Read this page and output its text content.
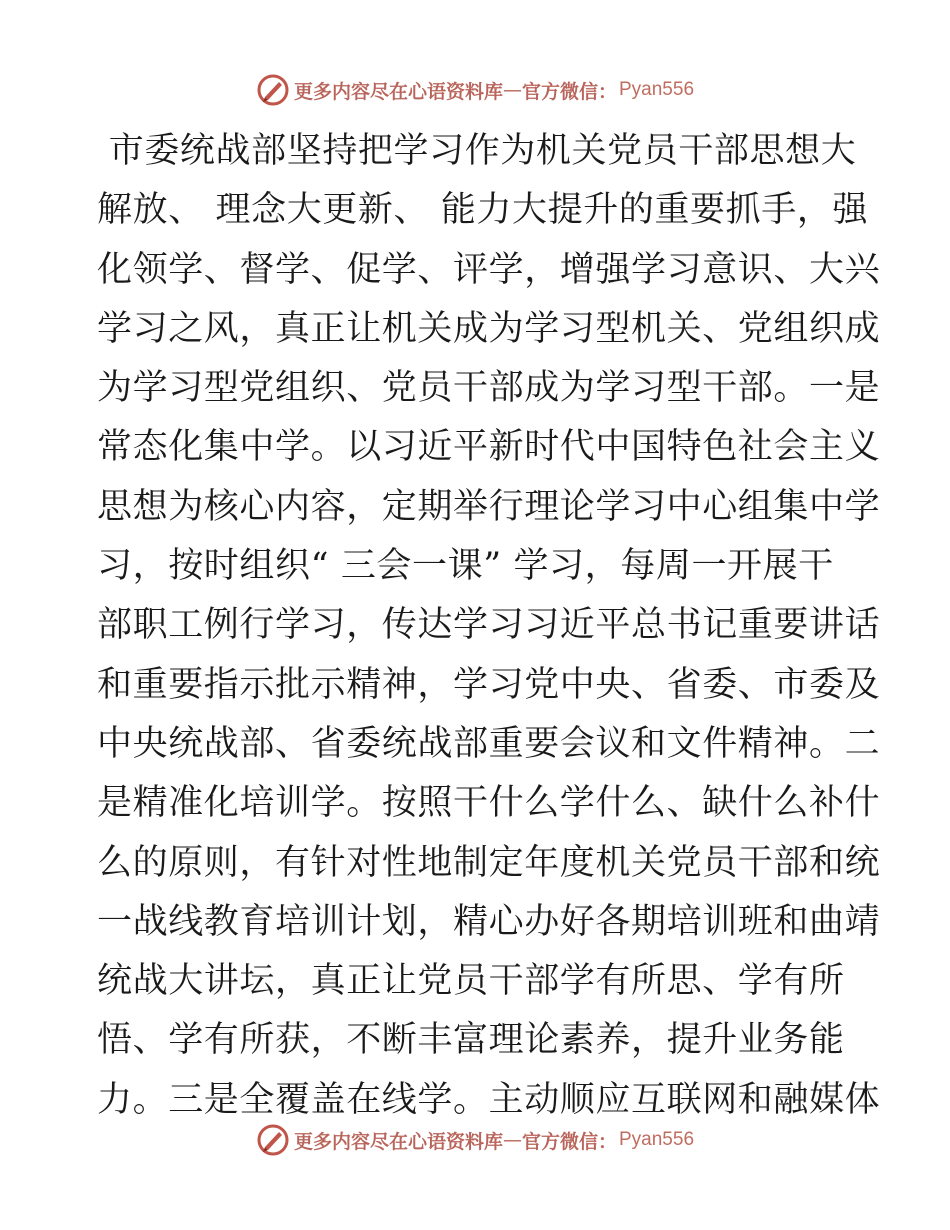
更多内容尽在心语资料库 — 官方微信： Pyan556
市委统战部坚持把学习作为机关党员干部思想大
解放、 理念大更新、 能力大提升的重要抓手，强
化领学、督学、促学、评学，增强学习意识、大兴
学习之风，真正让机关成为学习型机关、党组织成
为学习型党组织、党员干部成为学习型干部。一是
常态化集中学。以习近平新时代中国特色社会主义
思想为核心内容，定期举行理论学习中心组集中学
习，按时组织“ 三会一课” 学习，每周一开展干
部职工例行学习，传达学习习近平总书记重要讲话
和重要指示批示精神，学习党中央、省委、市委及
中央统战部、省委统战部重要会议和文件精神。二
是精准化培训学。按照干什么学什么、缺什么补什
么的原则，有针对性地制定年度机关党员干部和统
一战线教育培训计划，精心办好各期培训班和曲靖
统战大讲坛，真正让党员干部学有所思、学有所
悟、学有所获，不断丰富理论素养，提升业务能
力。三是全覆盖在线学。主动顺应互联网和融媒体
更多内容尽在心语资料库 — 官方微信： Pyan556
